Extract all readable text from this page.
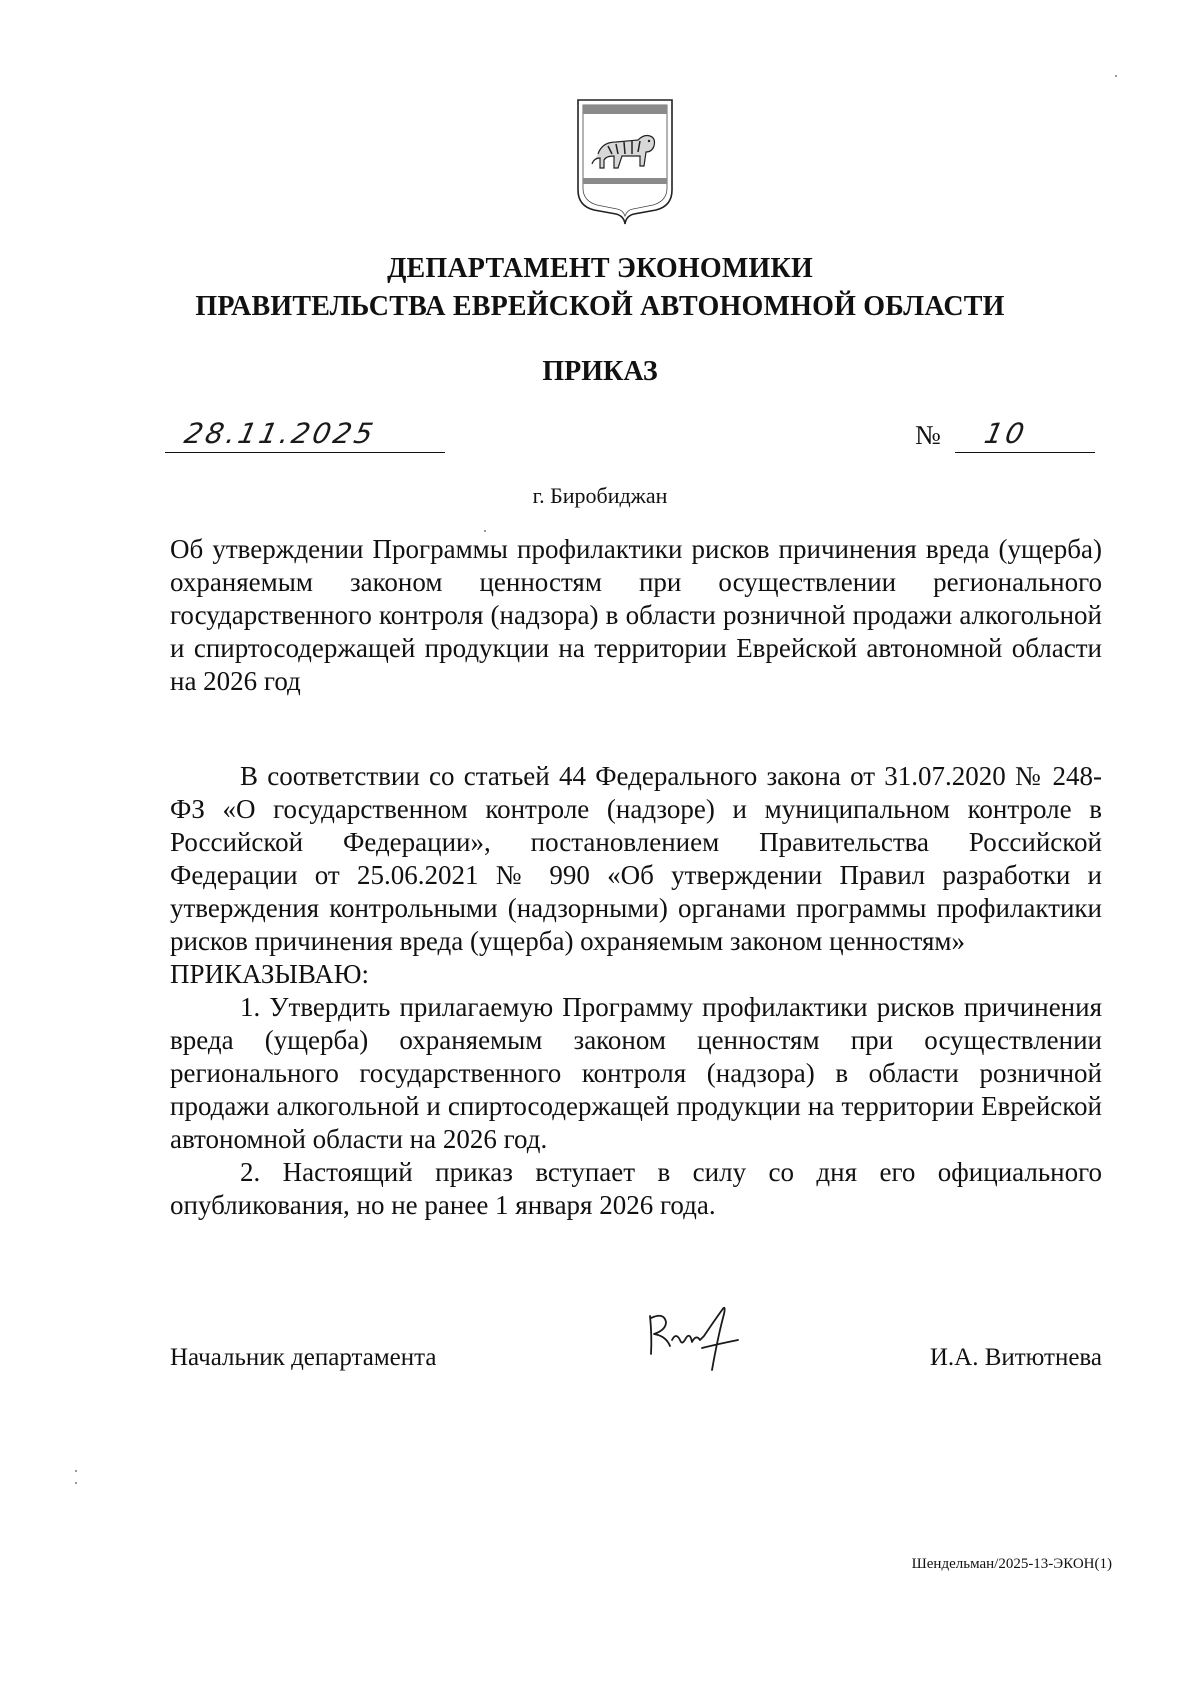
ДЕПАРТАМЕНТ ЭКОНОМИКИ
ПРАВИТЕЛЬСТВА ЕВРЕЙСКОЙ АВТОНОМНОЙ ОБЛАСТИ
ПРИКАЗ
28.11.2025	№ 10
г. Биробиджан
Об утверждении Программы профилактики рисков причинения вреда (ущерба) охраняемым законом ценностям при осуществлении регионального государственного контроля (надзора) в области розничной продажи алкогольной и спиртосодержащей продукции на территории Еврейской автономной области на 2026 год

В соответствии со статьей 44 Федерального закона от 31.07.2020 № 248-ФЗ «О государственном контроле (надзоре) и муниципальном контроле в Российской Федерации», постановлением Правительства Российской Федерации от 25.06.2021 № 990 «Об утверждении Правил разработки и утверждения контрольными (надзорными) органами программы профилактики рисков причинения вреда (ущерба) охраняемым законом ценностям»

ПРИКАЗЫВАЮ:

1. Утвердить прилагаемую Программу профилактики рисков причинения вреда (ущерба) охраняемым законом ценностям при осуществлении регионального государственного контроля (надзора) в области розничной продажи алкогольной и спиртосодержащей продукции на территории Еврейской автономной области на 2026 год.

2. Настоящий приказ вступает в силу со дня его официального опубликования, но не ранее 1 января 2026 года.

Начальник департамента	И.А. Витютнева
Шендельман/2025-13-ЭКОН(1)
